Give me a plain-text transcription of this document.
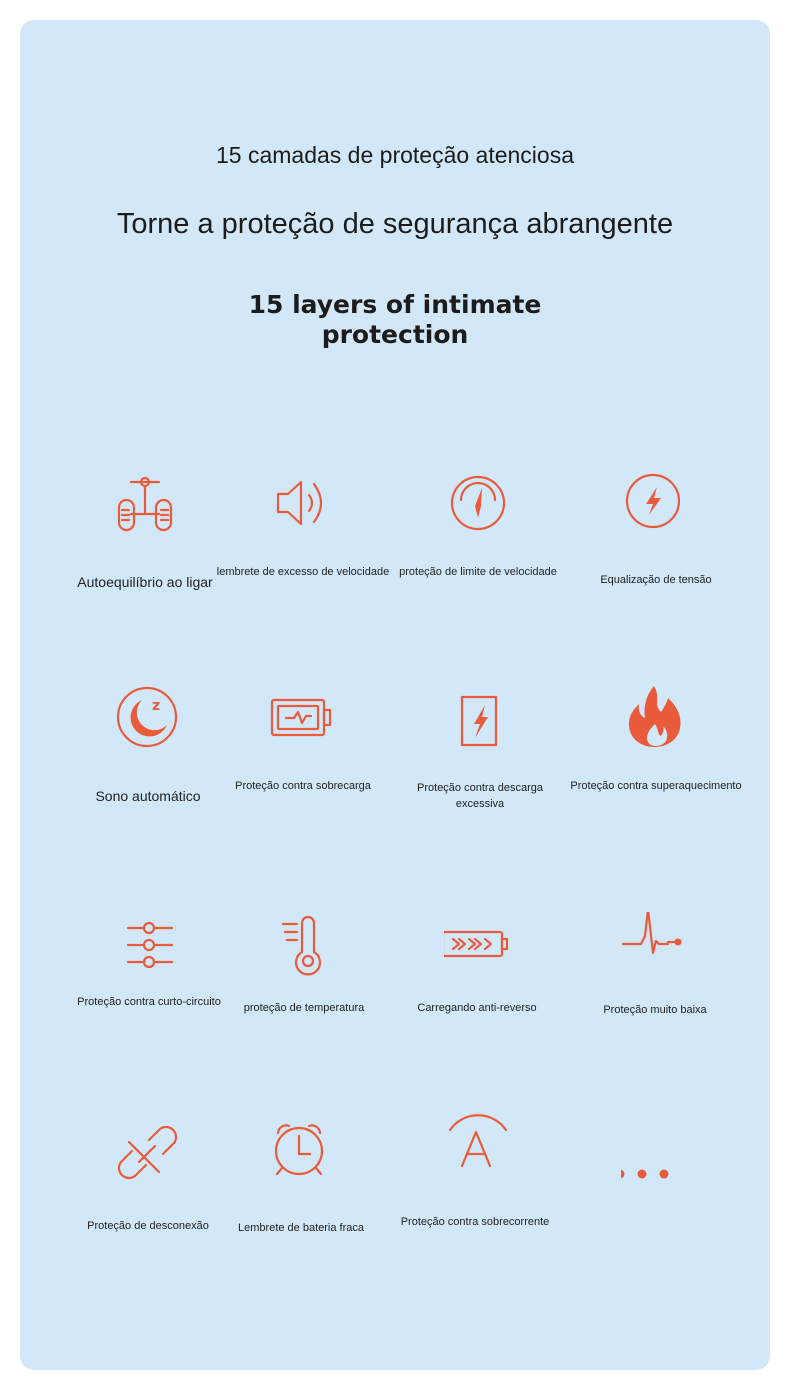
15 camadas de proteção atenciosa
Torne a proteção de segurança abrangente
15 layers of intimate
protection
Autoequilíbrio ao ligar
lembrete de excesso de velocidade proteção de limite de velocidade
Equalização de tensão
z
Sono automático
Proteção contra sobrecarga	Proteção contra descarga excessiva
Proteção contra superaquecimento
Proteção contra curto-circuito	proteção de temperatura	Carregando anti-reverso	Proteção muito baixa
Proteção de desconexão	Lembrete de bateria fraca	Proteção contra sobrecorrente
